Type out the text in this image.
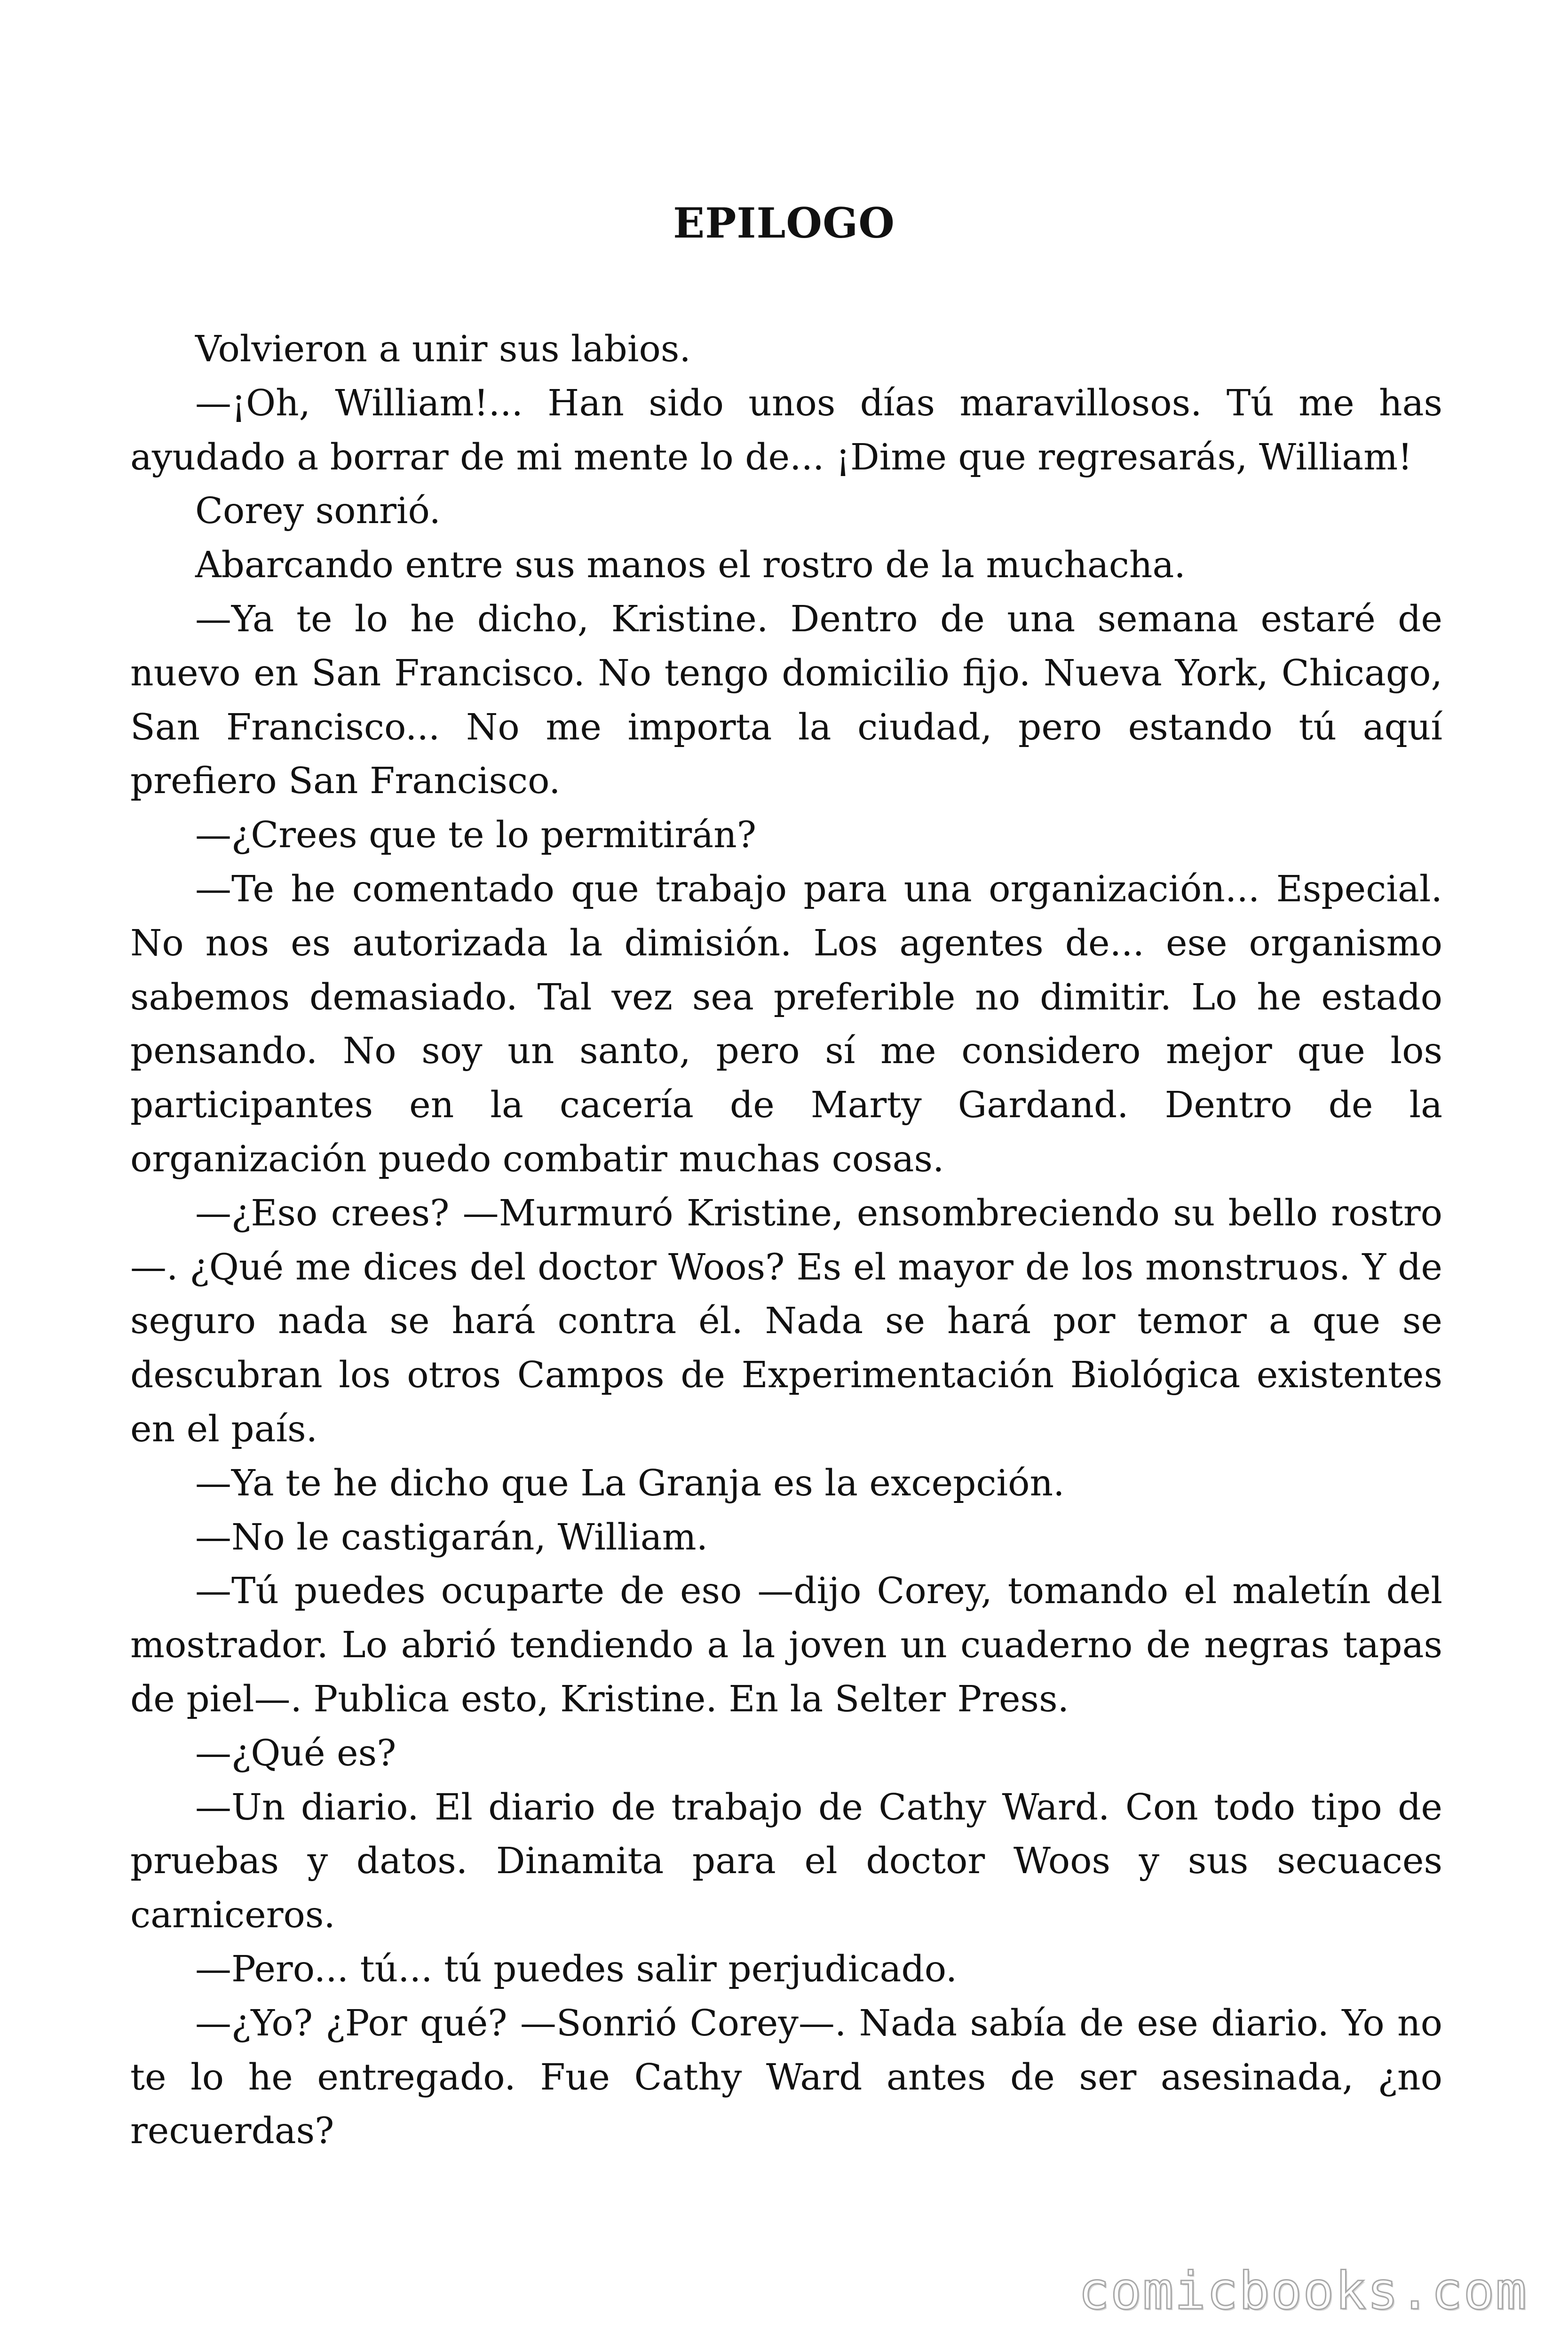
EPILOGO

Volvieron a unir sus labios.

—¡Oh, William!... Han sido unos días maravillosos. Tú me has ayudado a borrar de mi mente lo de... ¡Dime que regresarás, William!

Corey sonrió.

Abarcando entre sus manos el rostro de la muchacha.

—Ya te lo he dicho, Kristine. Dentro de una semana estaré de nuevo en San Francisco. No tengo domicilio fijo. Nueva York, Chicago, San Francisco... No me importa la ciudad, pero estando tú aquí prefiero San Francisco.

—¿Crees que te lo permitirán?

—Te he comentado que trabajo para una organización... Especial. No nos es autorizada la dimisión. Los agentes de... ese organismo sabemos demasiado. Tal vez sea preferible no dimitir. Lo he estado pensando. No soy un santo, pero sí me considero mejor que los participantes en la cacería de Marty Gardand. Dentro de la organización puedo combatir muchas cosas.

—¿Eso crees? —Murmuró Kristine, ensombreciendo su bello rostro—. ¿Qué me dices del doctor Woos? Es el mayor de los monstruos. Y de seguro nada se hará contra él. Nada se hará por temor a que se descubran los otros Campos de Experimentación Biológica existentes en el país.

—Ya te he dicho que La Granja es la excepción.

—No le castigarán, William.

—Tú puedes ocuparte de eso —dijo Corey, tomando el maletín del mostrador. Lo abrió tendiendo a la joven un cuaderno de negras tapas de piel—. Publica esto, Kristine. En la Selter Press.

—¿Qué es?

—Un diario. El diario de trabajo de Cathy Ward. Con todo tipo de pruebas y datos. Dinamita para el doctor Woos y sus secuaces carniceros.

—Pero... tú... tú puedes salir perjudicado.

—¿Yo? ¿Por qué? —Sonrió Corey—. Nada sabía de ese diario. Yo no te lo he entregado. Fue Cathy Ward antes de ser asesinada, ¿no recuerdas?

comicbooks.com
